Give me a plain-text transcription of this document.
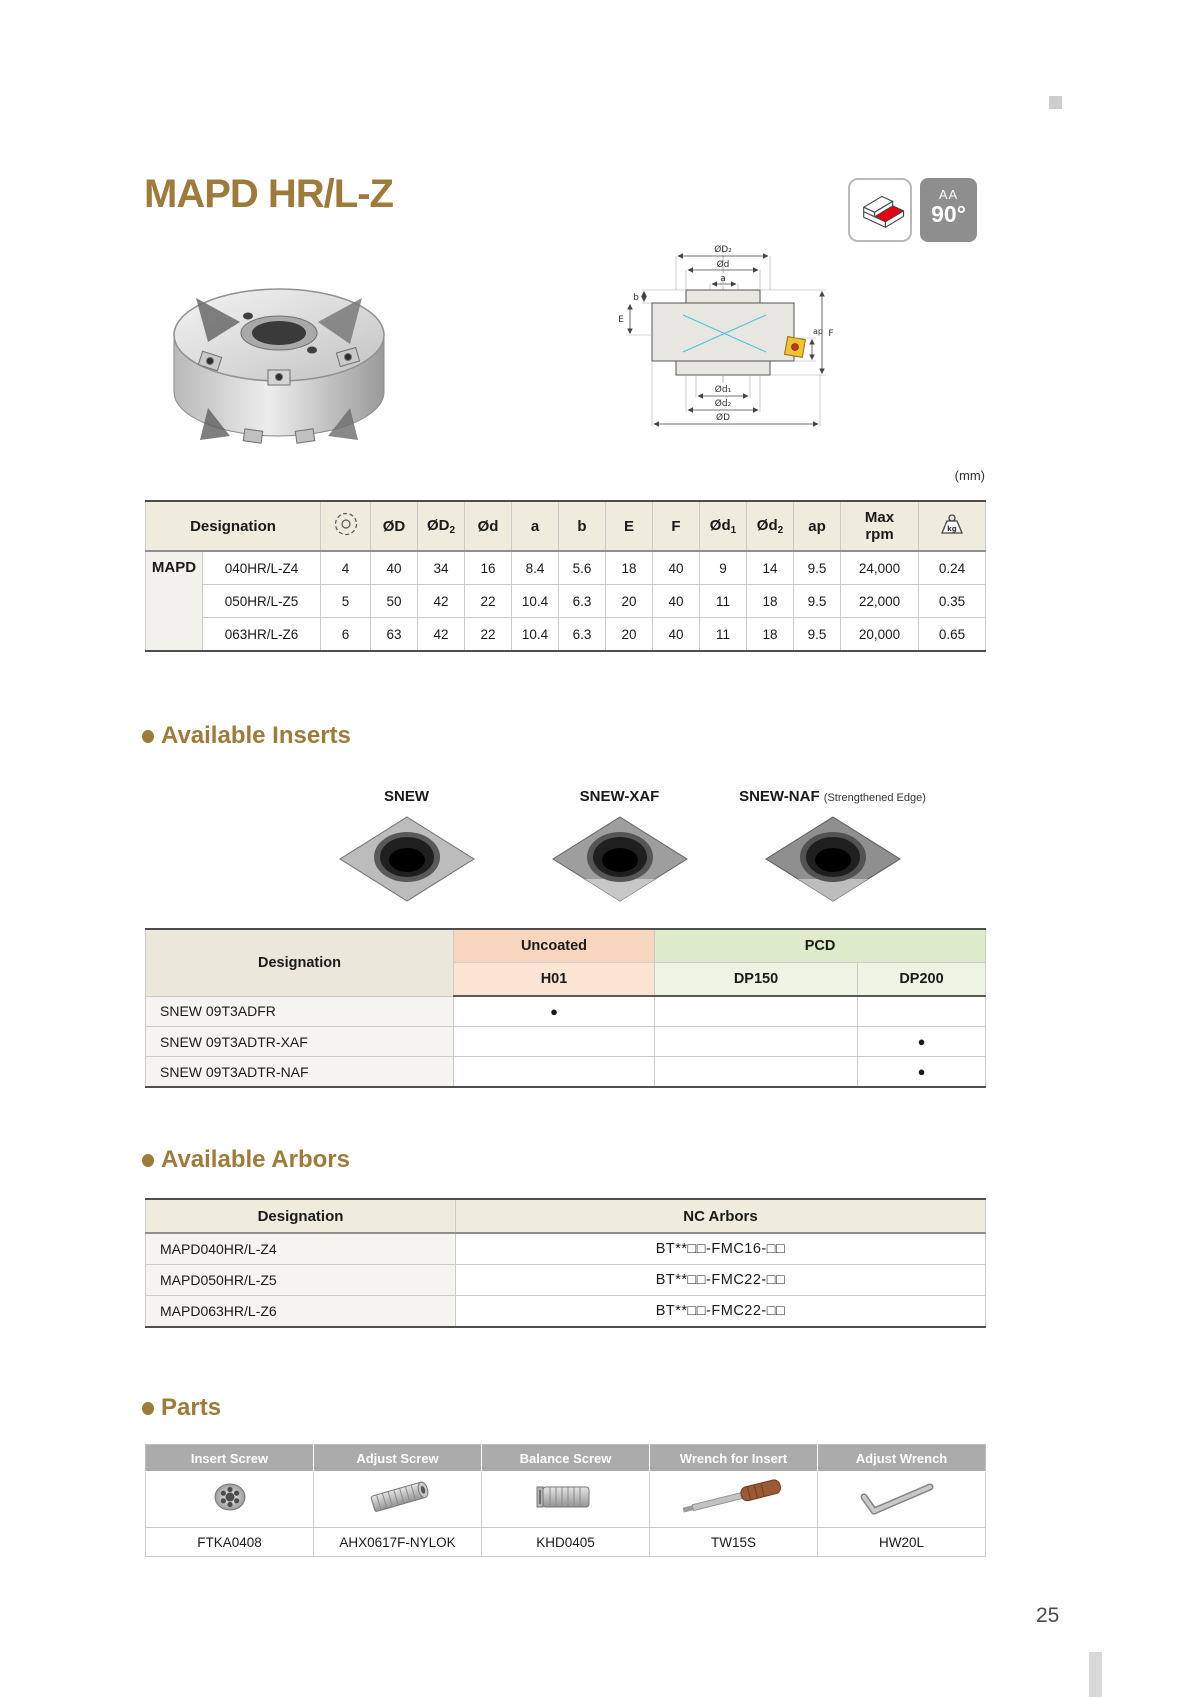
MAPD HR/L-Z	AA
90°
ØD₂
Ød
a
b
E
F
ap
Ød₁
Ød₂
ØD
(mm)
Designation			ØD	$ØD_2$	Ød	a	b	E	F	$Ød_1$	$Ød_2$	ap	Max
rpm	kg

MAPD	040HR/L-Z4	4	40	34	16	8.4	5.6	18	40	9	14	9.5	24,000	0.24
	050HR/L-Z5	5	50	42	22	10.4	6.3	20	40	11	18	9.5	22,000	0.35
	063HR/L-Z6	6	63	42	22	10.4	6.3	20	40	11	18	9.5	20,000	0.65
Available Inserts
SNEW	SNEW-XAF	SNEW-NAF (Strengthened Edge)
Designation	Uncoated	PCD	
	H01	DP150	DP200
SNEW 09T3ADFR	●		
SNEW 09T3ADTR-XAF			●
SNEW 09T3ADTR-NAF			●
Available Arbors
Designation	NC Arbors
MAPD040HR/L-Z4	BT**□□-FMC16-□□
MAPD050HR/L-Z5	BT**□□-FMC22-□□
MAPD063HR/L-Z6	BT**□□-FMC22-□□
Parts
Insert Screw	Adjust Screw	Balance Screw	Wrench for Insert	Adjust Wrench

FTKA0408	AHX0617F-NYLOK	KHD0405	TW15S	HW20L
25
